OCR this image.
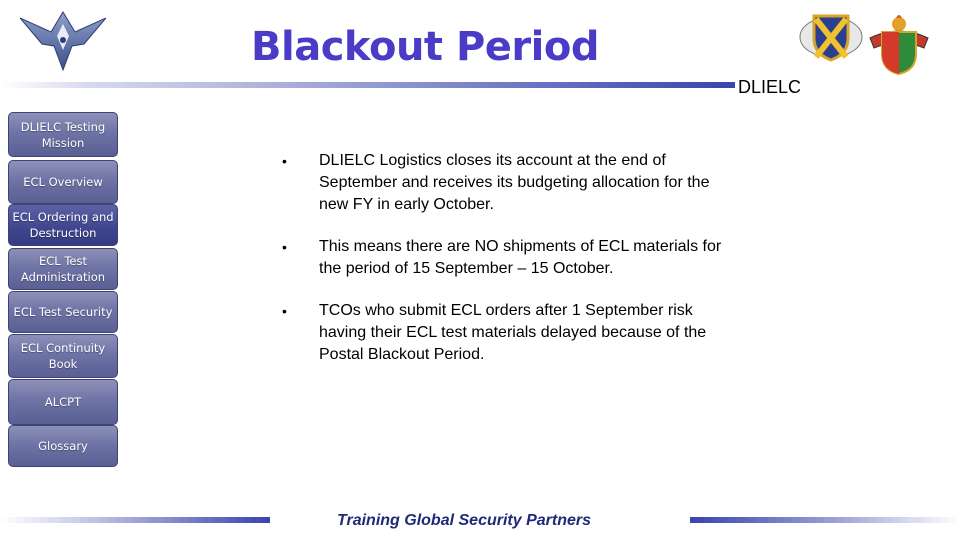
Blackout Period
DLIELC
DLIELC Testing Mission
ECL Overview
ECL Ordering and Destruction
ECL Test Administration
ECL Test Security
ECL Continuity Book
ALCPT
Glossary
• DLIELC Logistics closes its account at the end of September and receives its budgeting allocation for the new FY in early October.
• This means there are NO shipments of ECL materials for the period of 15 September – 15 October.
• TCOs who submit ECL orders after 1 September risk having their ECL test materials delayed because of the Postal Blackout Period.
Training Global Security Partners
